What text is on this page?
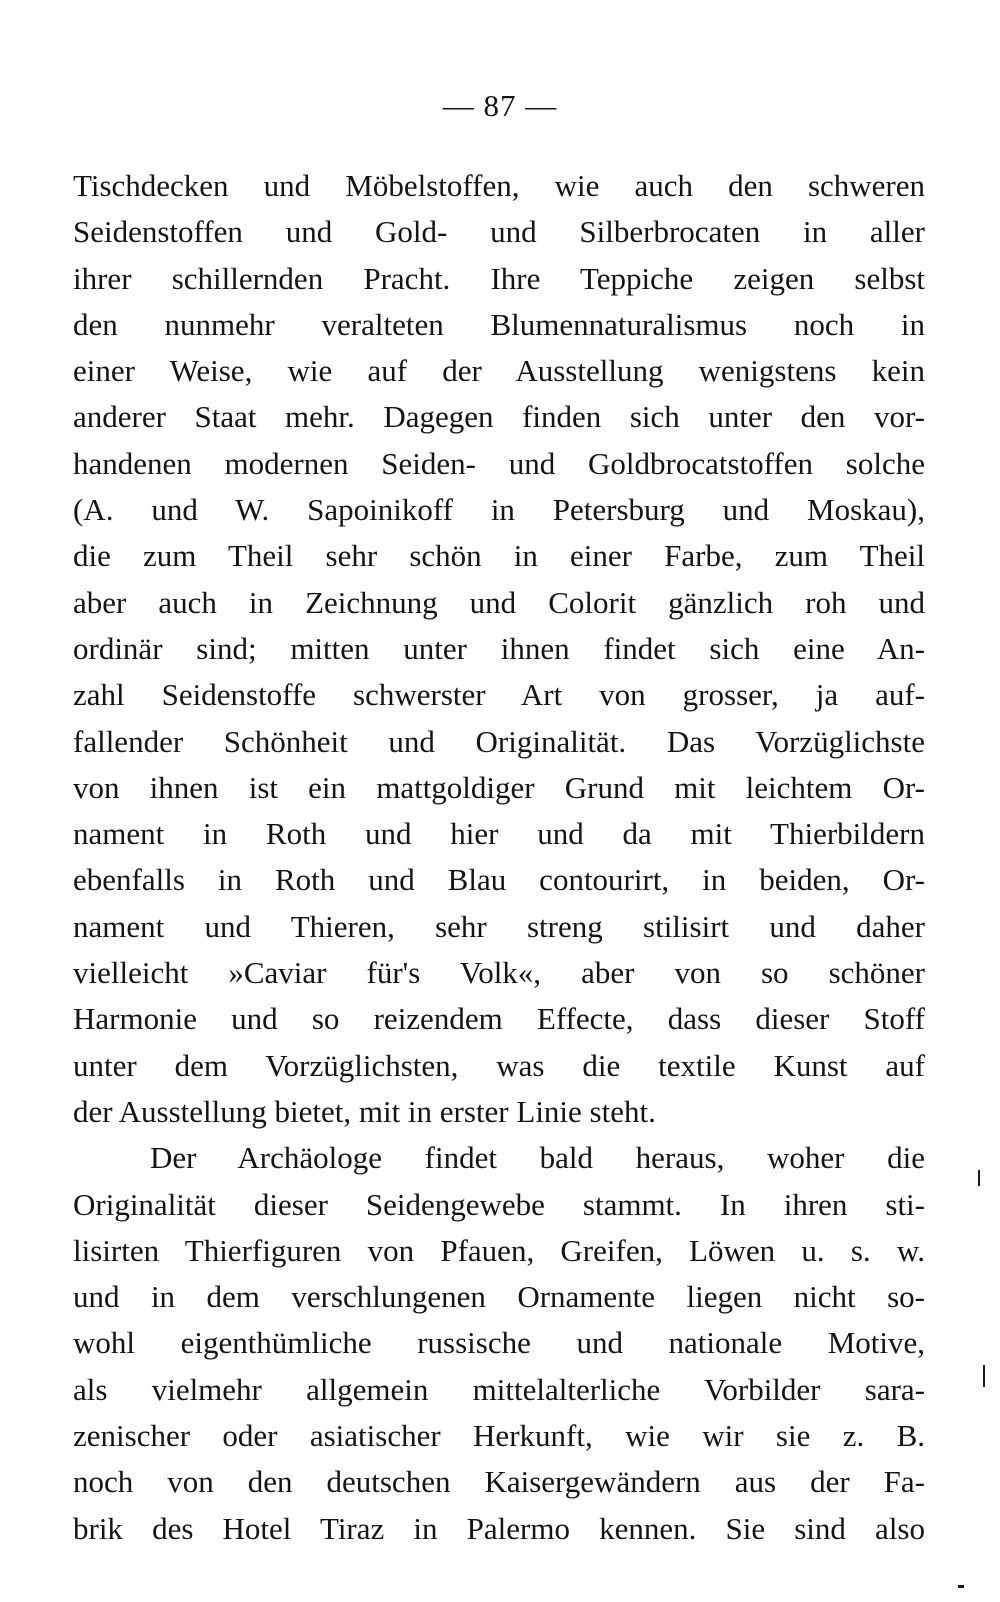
— 87 —
Tischdecken und Möbelstoffen, wie auch den schweren
Seidenstoffen und Gold- und Silberbrocaten in aller
ihrer schillernden Pracht. Ihre Teppiche zeigen selbst
den nunmehr veralteten Blumennaturalismus noch in
einer Weise, wie auf der Ausstellung wenigstens kein
anderer Staat mehr. Dagegen finden sich unter den vor-
handenen modernen Seiden- und Goldbrocatstoffen solche
(A. und W. Sapoinikoff in Petersburg und Moskau),
die zum Theil sehr schön in einer Farbe, zum Theil
aber auch in Zeichnung und Colorit gänzlich roh und
ordinär sind; mitten unter ihnen findet sich eine An-
zahl Seidenstoffe schwerster Art von grosser, ja auf-
fallender Schönheit und Originalität. Das Vorzüglichste
von ihnen ist ein mattgoldiger Grund mit leichtem Or-
nament in Roth und hier und da mit Thierbildern
ebenfalls in Roth und Blau contourirt, in beiden, Or-
nament und Thieren, sehr streng stilisirt und daher
vielleicht »Caviar für's Volk«, aber von so schöner
Harmonie und so reizendem Effecte, dass dieser Stoff
unter dem Vorzüglichsten, was die textile Kunst auf
der Ausstellung bietet, mit in erster Linie steht.
Der Archäologe findet bald heraus, woher die
Originalität dieser Seidengewebe stammt. In ihren sti-
lisirten Thierfiguren von Pfauen, Greifen, Löwen u. s. w.
und in dem verschlungenen Ornamente liegen nicht so-
wohl eigenthümliche russische und nationale Motive,
als vielmehr allgemein mittelalterliche Vorbilder sara-
zenischer oder asiatischer Herkunft, wie wir sie z. B.
noch von den deutschen Kaisergewändern aus der Fa-
brik des Hotel Tiraz in Palermo kennen. Sie sind also
